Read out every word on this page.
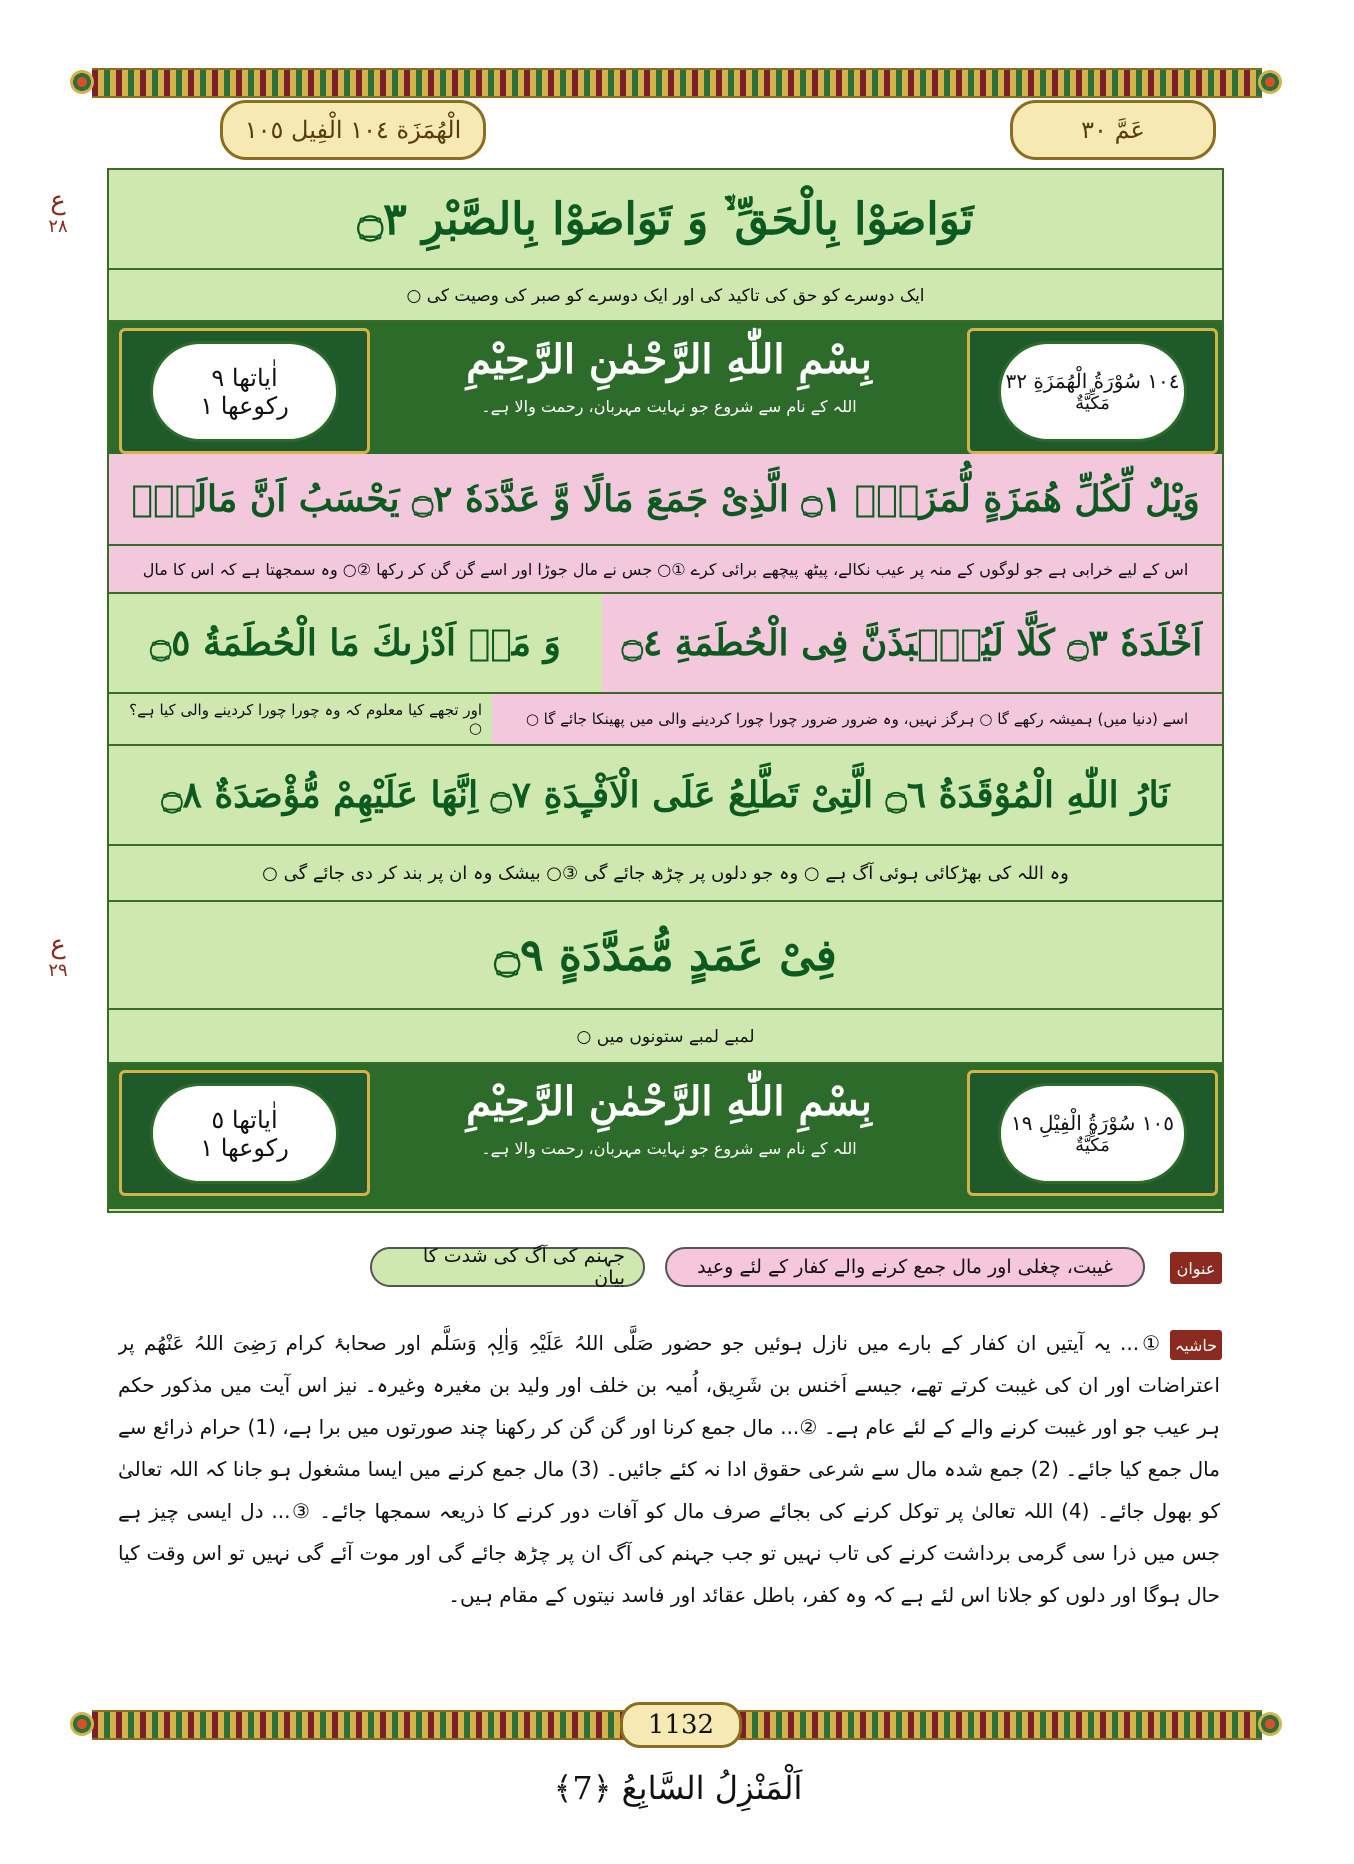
الْهُمَزَة ١٠٤ الْفِيل ١٠٥	عَمَّ ٣٠
ع
٢٨
ع
٢٩
تَوَاصَوْا بِالْحَقِّ ۙ۬ وَ تَوَاصَوْا بِالصَّبْرِ ۝٣
ایک دوسرے کو حق کی تاکید کی اور ایک دوسرے کو صبر کی وصیت کی ○
١٠٤ سُوْرَةُ الْهُمَزَةِ ٣٢
مَكِّيَّةٌ
بِسْمِ اللّٰهِ الرَّحْمٰنِ الرَّحِیْمِ
اللہ کے نام سے شروع جو نہایت مہربان، رحمت والا ہے۔
اٰیاتھا ٩
رکوعھا ١
وَیْلٌ لِّكُلِّ هُمَزَةٍ لُّمَزَةِۣ ۝١ الَّذِیْ جَمَعَ مَالًا وَّ عَدَّدَهٗ ۝٢ یَحْسَبُ اَنَّ مَالَهٗۤ
اس کے لیے خرابی ہے جو لوگوں کے منہ پر عیب نکالے، پیٹھ پیچھے برائی کرے ①○ جس نے مال جوڑا اور اسے گن گن کر رکھا ②○ وہ سمجھتا ہے کہ اس کا مال
اَخْلَدَهٗ ۝٣ كَلَّا لَیُنْۢبَذَنَّ فِی الْحُطَمَةِ ۝٤
وَ مَاۤ اَدْرٰىكَ مَا الْحُطَمَةُ ۝٥
اسے (دنیا میں) ہمیشہ رکھے گا ○ ہرگز نہیں، وہ ضرور ضرور چورا چورا کردینے والی میں پھینکا جائے گا ○
اور تجھے کیا معلوم کہ وہ چورا چورا کردینے والی کیا ہے؟ ○
نَارُ اللّٰهِ الْمُوْقَدَةُ ۝٦ الَّتِیْ تَطَّلِعُ عَلَى الْاَفْـِٕدَةِ ۝٧ اِنَّهَا عَلَیْهِمْ مُّؤْصَدَةٌ ۝٨
وہ اللہ کی بھڑکائی ہوئی آگ ہے ○ وہ جو دلوں پر چڑھ جائے گی ③○ بیشک وہ ان پر بند کر دی جائے گی ○
فِیْ عَمَدٍ مُّمَدَّدَةٍ ۝٩
لمبے لمبے ستونوں میں ○
١٠٥ سُوْرَةُ الْفِیْلِ ١٩
مَكِّيَّةٌ
بِسْمِ اللّٰهِ الرَّحْمٰنِ الرَّحِیْمِ
اللہ کے نام سے شروع جو نہایت مہربان، رحمت والا ہے۔
اٰیاتھا ٥
رکوعھا ١
عنوان
غیبت، چغلی اور مال جمع کرنے والے کفار کے لئے وعید
جہنم کی آگ کی شدت کا بیان
حاشیہ
①... یہ آیتیں ان کفار کے بارے میں نازل ہوئیں جو حضور صَلَّی اللہُ عَلَیْہِ وَاٰلِہٖ وَسَلَّم اور صحابۂ کرام رَضِیَ اللہُ عَنْھُم پر اعتراضات اور ان کی غیبت کرتے تھے، جیسے اَخنس بن شَرِیق، اُمیہ بن خلف اور ولید بن مغیرہ وغیرہ۔ نیز اس آیت میں مذکور حکم ہر عیب جو اور غیبت کرنے والے کے لئے عام ہے۔ ②... مال جمع کرنا اور گن گن کر رکھنا چند صورتوں میں برا ہے، (1) حرام ذرائع سے مال جمع کیا جائے۔ (2) جمع شدہ مال سے شرعی حقوق ادا نہ کئے جائیں۔ (3) مال جمع کرنے میں ایسا مشغول ہو جانا کہ اللہ تعالیٰ کو بھول جائے۔ (4) اللہ تعالیٰ پر توکل کرنے کی بجائے صرف مال کو آفات دور کرنے کا ذریعہ سمجھا جائے۔ ③... دل ایسی چیز ہے جس میں ذرا سی گرمی برداشت کرنے کی تاب نہیں تو جب جہنم کی آگ ان پر چڑھ جائے گی اور موت آئے گی نہیں تو اس وقت کیا حال ہوگا اور دلوں کو جلانا اس لئے ہے کہ وہ کفر، باطل عقائد اور فاسد نیتوں کے مقام ہیں۔
1132
اَلْمَنْزِلُ السَّابِعُ ﴿7﴾
